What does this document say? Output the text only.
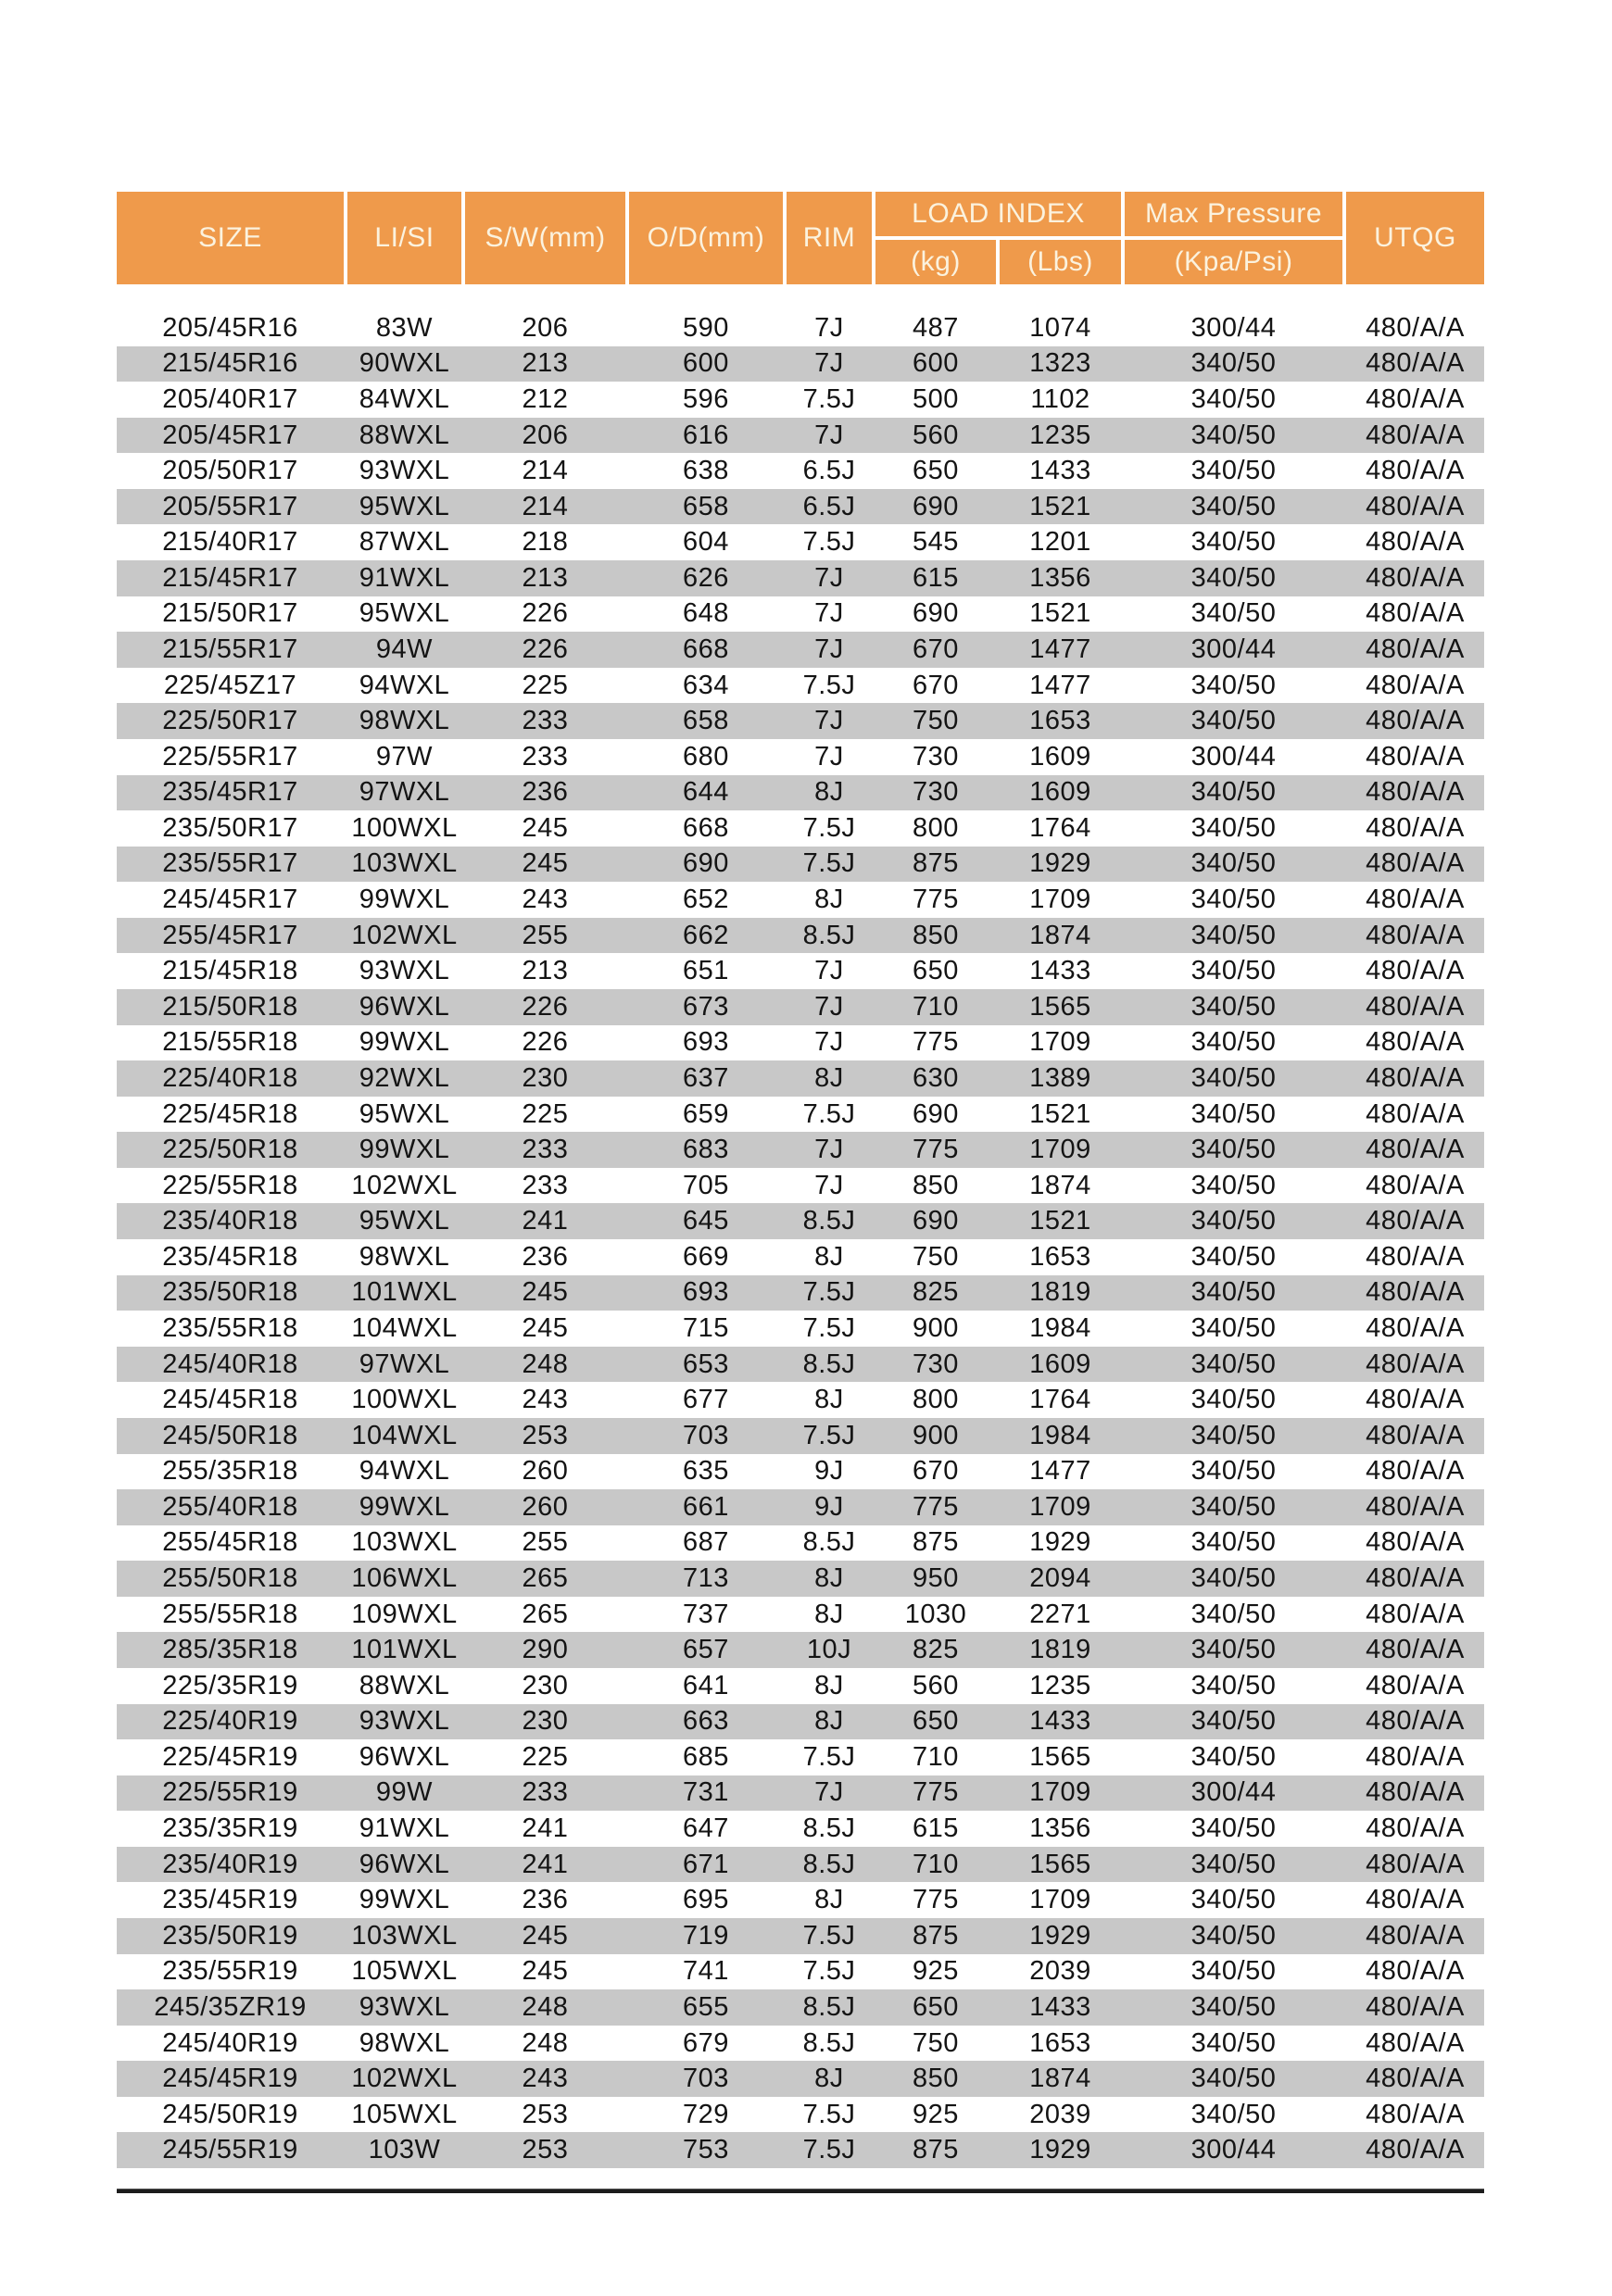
SIZE	LI/SI	S/W(mm)	O/D(mm)	RIM
LOAD INDEX
(kg)	(Lbs)
Max Pressure
(Kpa/Psi)
UTQG
205/45R16	83W	206	590	7J	487	1074	300/44	480/A/A
215/45R16	90WXL	213	600	7J	600	1323	340/50	480/A/A
205/40R17	84WXL	212	596	7.5J	500	1102	340/50	480/A/A
205/45R17	88WXL	206	616	7J	560	1235	340/50	480/A/A
205/50R17	93WXL	214	638	6.5J	650	1433	340/50	480/A/A
205/55R17	95WXL	214	658	6.5J	690	1521	340/50	480/A/A
215/40R17	87WXL	218	604	7.5J	545	1201	340/50	480/A/A
215/45R17	91WXL	213	626	7J	615	1356	340/50	480/A/A
215/50R17	95WXL	226	648	7J	690	1521	340/50	480/A/A
215/55R17	94W	226	668	7J	670	1477	300/44	480/A/A
225/45Z17	94WXL	225	634	7.5J	670	1477	340/50	480/A/A
225/50R17	98WXL	233	658	7J	750	1653	340/50	480/A/A
225/55R17	97W	233	680	7J	730	1609	300/44	480/A/A
235/45R17	97WXL	236	644	8J	730	1609	340/50	480/A/A
235/50R17	100WXL	245	668	7.5J	800	1764	340/50	480/A/A
235/55R17	103WXL	245	690	7.5J	875	1929	340/50	480/A/A
245/45R17	99WXL	243	652	8J	775	1709	340/50	480/A/A
255/45R17	102WXL	255	662	8.5J	850	1874	340/50	480/A/A
215/45R18	93WXL	213	651	7J	650	1433	340/50	480/A/A
215/50R18	96WXL	226	673	7J	710	1565	340/50	480/A/A
215/55R18	99WXL	226	693	7J	775	1709	340/50	480/A/A
225/40R18	92WXL	230	637	8J	630	1389	340/50	480/A/A
225/45R18	95WXL	225	659	7.5J	690	1521	340/50	480/A/A
225/50R18	99WXL	233	683	7J	775	1709	340/50	480/A/A
225/55R18	102WXL	233	705	7J	850	1874	340/50	480/A/A
235/40R18	95WXL	241	645	8.5J	690	1521	340/50	480/A/A
235/45R18	98WXL	236	669	8J	750	1653	340/50	480/A/A
235/50R18	101WXL	245	693	7.5J	825	1819	340/50	480/A/A
235/55R18	104WXL	245	715	7.5J	900	1984	340/50	480/A/A
245/40R18	97WXL	248	653	8.5J	730	1609	340/50	480/A/A
245/45R18	100WXL	243	677	8J	800	1764	340/50	480/A/A
245/50R18	104WXL	253	703	7.5J	900	1984	340/50	480/A/A
255/35R18	94WXL	260	635	9J	670	1477	340/50	480/A/A
255/40R18	99WXL	260	661	9J	775	1709	340/50	480/A/A
255/45R18	103WXL	255	687	8.5J	875	1929	340/50	480/A/A
255/50R18	106WXL	265	713	8J	950	2094	340/50	480/A/A
255/55R18	109WXL	265	737	8J	1030	2271	340/50	480/A/A
285/35R18	101WXL	290	657	10J	825	1819	340/50	480/A/A
225/35R19	88WXL	230	641	8J	560	1235	340/50	480/A/A
225/40R19	93WXL	230	663	8J	650	1433	340/50	480/A/A
225/45R19	96WXL	225	685	7.5J	710	1565	340/50	480/A/A
225/55R19	99W	233	731	7J	775	1709	300/44	480/A/A
235/35R19	91WXL	241	647	8.5J	615	1356	340/50	480/A/A
235/40R19	96WXL	241	671	8.5J	710	1565	340/50	480/A/A
235/45R19	99WXL	236	695	8J	775	1709	340/50	480/A/A
235/50R19	103WXL	245	719	7.5J	875	1929	340/50	480/A/A
235/55R19	105WXL	245	741	7.5J	925	2039	340/50	480/A/A
245/35ZR19	93WXL	248	655	8.5J	650	1433	340/50	480/A/A
245/40R19	98WXL	248	679	8.5J	750	1653	340/50	480/A/A
245/45R19	102WXL	243	703	8J	850	1874	340/50	480/A/A
245/50R19	105WXL	253	729	7.5J	925	2039	340/50	480/A/A
245/55R19	103W	253	753	7.5J	875	1929	300/44	480/A/A
